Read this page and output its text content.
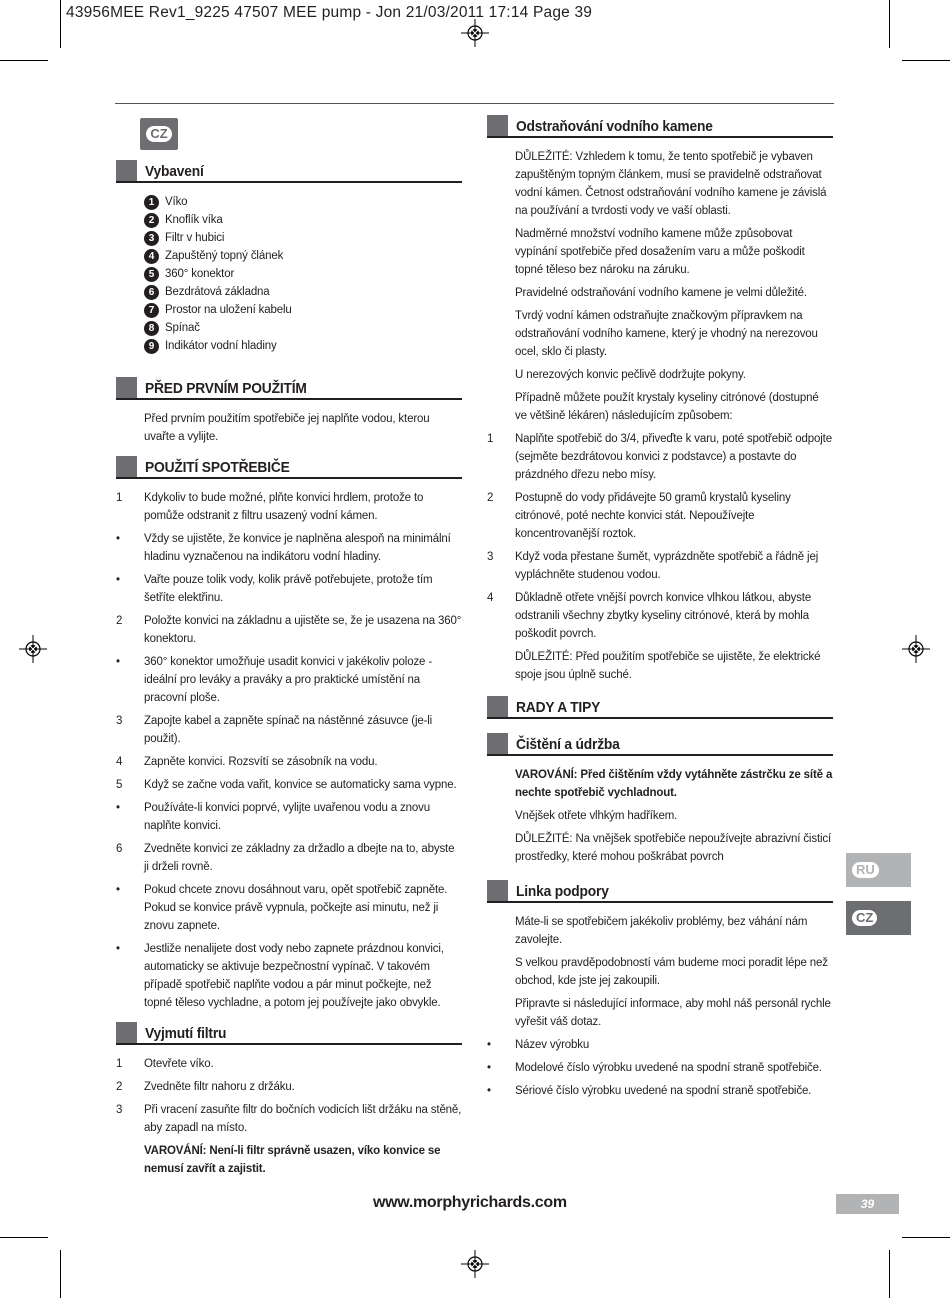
43956MEE Rev1_9225 47507 MEE pump - Jon 21/03/2011 17:14 Page 39
CZ
Vybavení
1 Víko
2 Knoflík víka
3 Filtr v hubici
4 Zapuštěný topný článek
5 360° konektor
6 Bezdrátová základna
7 Prostor na uložení kabelu
8 Spínač
9 Indikátor vodní hladiny
PŘED PRVNÍM POUŽITÍM
Před prvním použitím spotřebiče jej naplňte vodou, kterou uvařte a vylijte.
POUŽITÍ SPOTŘEBIČE
1	Kdykoliv to bude možné, plňte konvici hrdlem, protože to pomůže odstranit z filtru usazený vodní kámen.
•	Vždy se ujistěte, že konvice je naplněna alespoň na minimální hladinu vyznačenou na indikátoru vodní hladiny.
•	Vařte pouze tolik vody, kolik právě potřebujete, protože tím šetříte elektřinu.
2	Položte konvici na základnu a ujistěte se, že je usazena na 360° konektoru.
•	360° konektor umožňuje usadit konvici v jakékoliv poloze - ideální pro leváky a praváky a pro praktické umístění na pracovní ploše.
3	Zapojte kabel a zapněte spínač na nástěnné zásuvce (je-li použit).
4	Zapněte konvici. Rozsvítí se zásobník na vodu.
5	Když se začne voda vařit, konvice se automaticky sama vypne.
•	Používáte-li konvici poprvé, vylijte uvařenou vodu a znovu naplňte konvici.
6	Zvedněte konvici ze základny za držadlo a dbejte na to, abyste ji drželi rovně.
•	Pokud chcete znovu dosáhnout varu, opět spotřebič zapněte. Pokud se konvice právě vypnula, počkejte asi minutu, než ji znovu zapnete.
•	Jestliže nenalijete dost vody nebo zapnete prázdnou konvici, automaticky se aktivuje bezpečnostní vypínač. V takovém případě spotřebič naplňte vodou a pár minut počkejte, než topné těleso vychladne, a potom jej používejte jako obvykle.
Vyjmutí filtru
1	Otevřete víko.
2	Zvedněte filtr nahoru z držáku.
3	Při vracení zasuňte filtr do bočních vodicích lišt držáku na stěně, aby zapadl na místo.
VAROVÁNÍ: Není-li filtr správně usazen, víko konvice se nemusí zavřít a zajistit.
Odstraňování vodního kamene
DŮLEŽITÉ: Vzhledem k tomu, že tento spotřebič je vybaven zapuštěným topným článkem, musí se pravidelně odstraňovat vodní kámen. Četnost odstraňování vodního kamene je závislá na používání a tvrdosti vody ve vaší oblasti.
Nadměrné množství vodního kamene může způsobovat vypínání spotřebiče před dosažením varu a může poškodit topné těleso bez nároku na záruku.
Pravidelné odstraňování vodního kamene je velmi důležité.
Tvrdý vodní kámen odstraňujte značkovým přípravkem na odstraňování vodního kamene, který je vhodný na nerezovou ocel, sklo či plasty.
U nerezových konvic pečlivě dodržujte pokyny.
Případně můžete použít krystaly kyseliny citrónové (dostupné ve většině lékáren) následujícím způsobem:
1	Naplňte spotřebič do 3/4, přiveďte k varu, poté spotřebič odpojte (sejměte bezdrátovou konvici z podstavce) a postavte do prázdného dřezu nebo mísy.
2	Postupně do vody přidávejte 50 gramů krystalů kyseliny citrónové, poté nechte konvici stát. Nepoužívejte koncentrovanější roztok.
3	Když voda přestane šumět, vyprázdněte spotřebič a řádně jej vypláchněte studenou vodou.
4	Důkladně otřete vnější povrch konvice vlhkou látkou, abyste odstranili všechny zbytky kyseliny citrónové, která by mohla poškodit povrch.
DŮLEŽITÉ: Před použitím spotřebiče se ujistěte, že elektrické spoje jsou úplně suché.
RADY A TIPY
Čištění a údržba
VAROVÁNÍ: Před čištěním vždy vytáhněte zástrčku ze sítě a nechte spotřebič vychladnout.
Vnějšek otřete vlhkým hadříkem.
DŮLEŽITÉ: Na vnějšek spotřebiče nepoužívejte abrazivní čisticí prostředky, které mohou poškrábat povrch
Linka podpory
Máte-li se spotřebičem jakékoliv problémy, bez váhání nám zavolejte.
S velkou pravděpodobností vám budeme moci poradit lépe než obchod, kde jste jej zakoupili.
Připravte si následující informace, aby mohl náš personál rychle vyřešit váš dotaz.
•	Název výrobku
•	Modelové číslo výrobku uvedené na spodní straně spotřebiče.
•	Sériové číslo výrobku uvedené na spodní straně spotřebiče.
RU
CZ
www.morphyrichards.com	39
